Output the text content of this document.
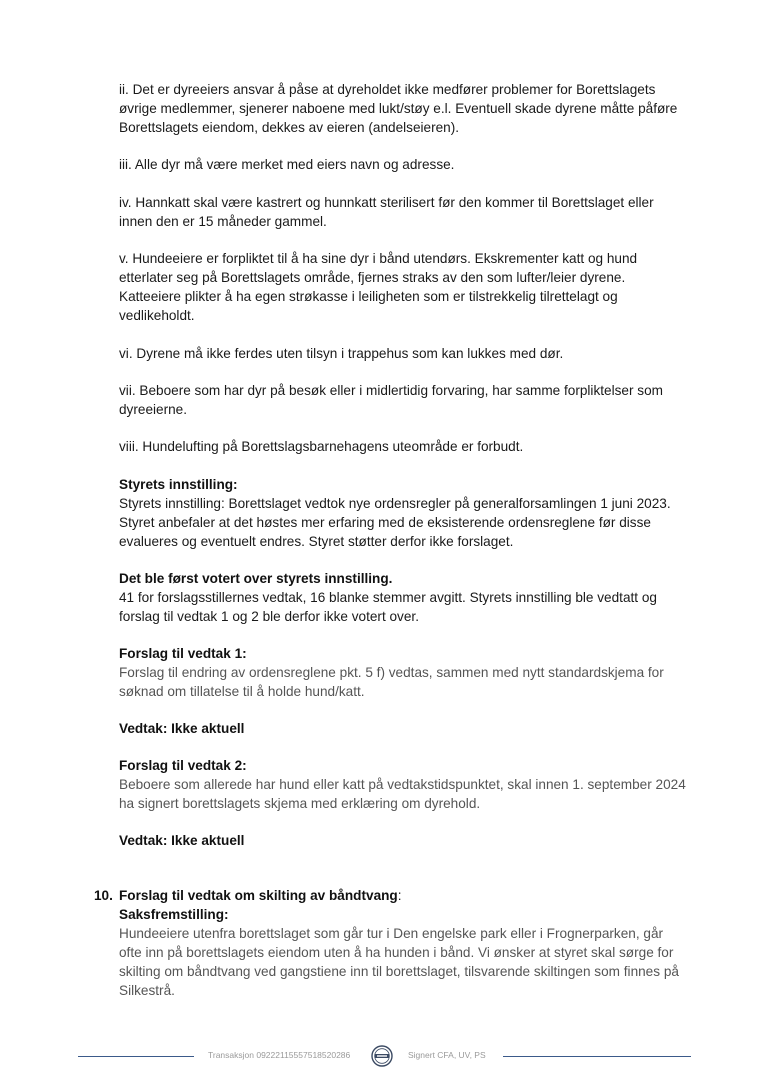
ii. Det er dyreeiers ansvar å påse at dyreholdet ikke medfører problemer for Borettslagets øvrige medlemmer, sjenerer naboene med lukt/støy e.l. Eventuell skade dyrene måtte påføre Borettslagets eiendom, dekkes av eieren (andelseieren).

iii. Alle dyr må være merket med eiers navn og adresse.

iv. Hannkatt skal være kastrert og hunnkatt sterilisert før den kommer til Borettslaget eller innen den er 15 måneder gammel.

v. Hundeeiere er forpliktet til å ha sine dyr i bånd utendørs. Ekskrementer katt og hund etterlater seg på Borettslagets område, fjernes straks av den som lufter/leier dyrene. Katteeiere plikter å ha egen strøkasse i leiligheten som er tilstrekkelig tilrettelagt og vedlikeholdt.

vi. Dyrene må ikke ferdes uten tilsyn i trappehus som kan lukkes med dør.

vii. Beboere som har dyr på besøk eller i midlertidig forvaring, har samme forpliktelser som dyreeierne.

viii. Hundelufting på Borettslagsbarnehagens uteområde er forbudt.

Styrets innstilling:

Styrets innstilling: Borettslaget vedtok nye ordensregler på generalforsamlingen 1 juni 2023. Styret anbefaler at det høstes mer erfaring med de eksisterende ordensreglene før disse evalueres og eventuelt endres. Styret støtter derfor ikke forslaget.

Det ble først votert over styrets innstilling.

41 for forslagsstillernes vedtak, 16 blanke stemmer avgitt. Styrets innstilling ble vedtatt og forslag til vedtak 1 og 2 ble derfor ikke votert over.

Forslag til vedtak 1:

Forslag til endring av ordensreglene pkt. 5 f) vedtas, sammen med nytt standardskjema for søknad om tillatelse til å holde hund/katt.

Vedtak: Ikke aktuell

Forslag til vedtak 2:

Beboere som allerede har hund eller katt på vedtakstidspunktet, skal innen 1. september 2024 ha signert borettslagets skjema med erklæring om dyrehold.

Vedtak: Ikke aktuell

10. Forslag til vedtak om skilting av båndtvang:

Saksfremstilling:

Hundeeiere utenfra borettslaget som går tur i Den engelske park eller i Frognerparken, går ofte inn på borettslagets eiendom uten å ha hunden i bånd. Vi ønsker at styret skal sørge for skilting om båndtvang ved gangstiene inn til borettslaget, tilsvarende skiltingen som finnes på Silkestrå.

Transaksjon 09222115557518520286	Signert CFA, UV, PS
